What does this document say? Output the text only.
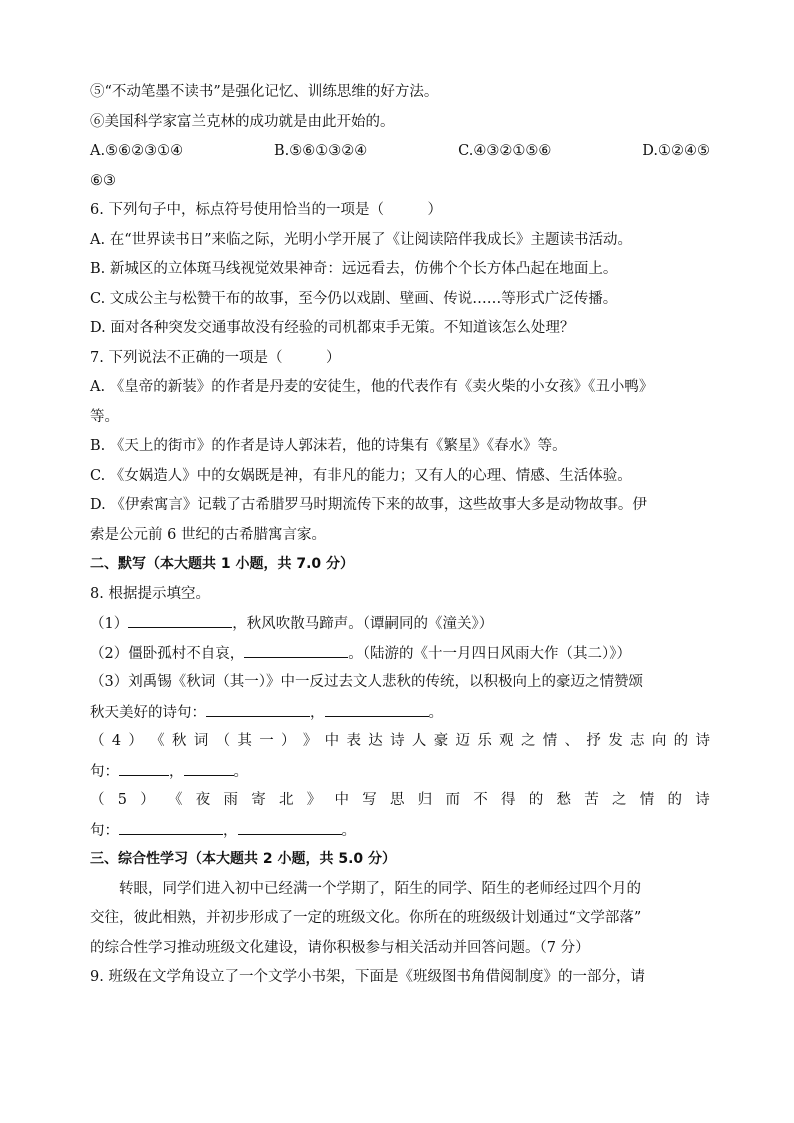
⑤“不动笔墨不读书”是强化记忆、训练思维的好方法。
⑥美国科学家富兰克林的成功就是由此开始的。
A.⑤⑥②③①④	B.⑤⑥①③②④	C.④③②①⑤⑥	D.①②④⑤
⑥③
6. 下列句子中，标点符号使用恰当的一项是（　　　）
A. 在“世界读书日”来临之际，光明小学开展了《让阅读陪伴我成长》主题读书活动。
B. 新城区的立体斑马线视觉效果神奇：远远看去，仿佛个个长方体凸起在地面上。
C. 文成公主与松赞干布的故事，至今仍以戏剧、壁画、传说……等形式广泛传播。
D. 面对各种突发交通事故没有经验的司机都束手无策。不知道该怎么处理？
7. 下列说法不正确的一项是（　　　）
A. 《皇帝的新装》的作者是丹麦的安徒生，他的代表作有《卖火柴的小女孩》《丑小鸭》
等。
B. 《天上的街市》的作者是诗人郭沫若，他的诗集有《繁星》《春水》等。
C. 《女娲造人》中的女娲既是神，有非凡的能力；又有人的心理、情感、生活体验。
D. 《伊索寓言》记载了古希腊罗马时期流传下来的故事，这些故事大多是动物故事。伊
索是公元前 6 世纪的古希腊寓言家。
二、默写（本大题共 1 小题，共 7.0 分）
8. 根据提示填空。
（1）	，秋风吹散马蹄声。（谭嗣同的《潼关》）
（2）僵卧孤村不自哀，	。（陆游的《十一月四日风雨大作（其二）》）
（3）刘禹锡《秋词（其一）》中一反过去文人悲秋的传统，以积极向上的豪迈之情赞颂
秋天美好的诗句：	，	。
（ 4 ） 《 秋 词 （ 其 一 ） 》 中 表 达 诗 人 豪 迈 乐 观 之 情 、 抒 发 志 向 的 诗
句：	，	。
（ 5 ） 《 夜 雨 寄 北 》 中 写 思 归 而 不 得 的 愁 苦 之 情 的 诗
句：	，	。
三、综合性学习（本大题共 2 小题，共 5.0 分）
转眼，同学们进入初中已经满一个学期了，陌生的同学、陌生的老师经过四个月的
交往，彼此相熟，并初步形成了一定的班级文化。你所在的班级级计划通过“文学部落”
的综合性学习推动班级文化建设，请你积极参与相关活动并回答问题。（7 分）
9. 班级在文学角设立了一个文学小书架，下面是《班级图书角借阅制度》的一部分，请
